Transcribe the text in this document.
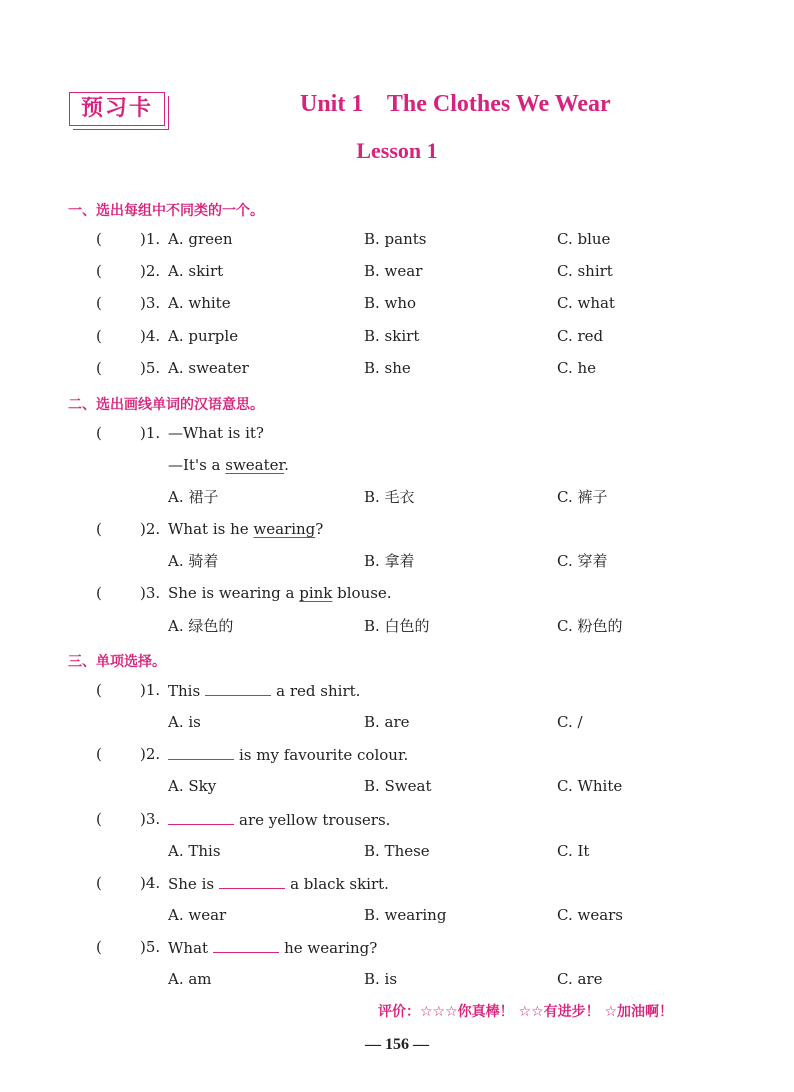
预习卡	Unit 1    The Clothes We Wear
Lesson 1
一、选出每组中不同类的一个。
(	)1. A. green	B. pants	C. blue
(	)2. A. skirt	B. wear	C. shirt
(	)3. A. white	B. who	C. what
(	)4. A. purple	B. skirt	C. red
(	)5. A. sweater	B. she	C. he
二、选出画线单词的汉语意思。
(	)1. —What is it?
—It's a sweater.
A. 裙子	B. 毛衣	C. 裤子
(	)2. What is he wearing?
A. 骑着	B. 拿着	C. 穿着
(	)3. She is wearing a pink blouse.
A. 绿色的	B. 白色的	C. 粉色的
三、单项选择。
(	)1. This	a red shirt.
A. is	B. are	C. /
(	)2.	is my favourite colour.
A. Sky	B. Sweat	C. White
(	)3.	are yellow trousers.
A. This	B. These	C. It
(	)4. She is	a black skirt.
A. wear	B. wearing	C. wears
(	)5. What	he wearing?
A. am	B. is	C. are
评价：☆☆☆你真棒！ ☆☆有进步！ ☆加油啊！
— 156 —
